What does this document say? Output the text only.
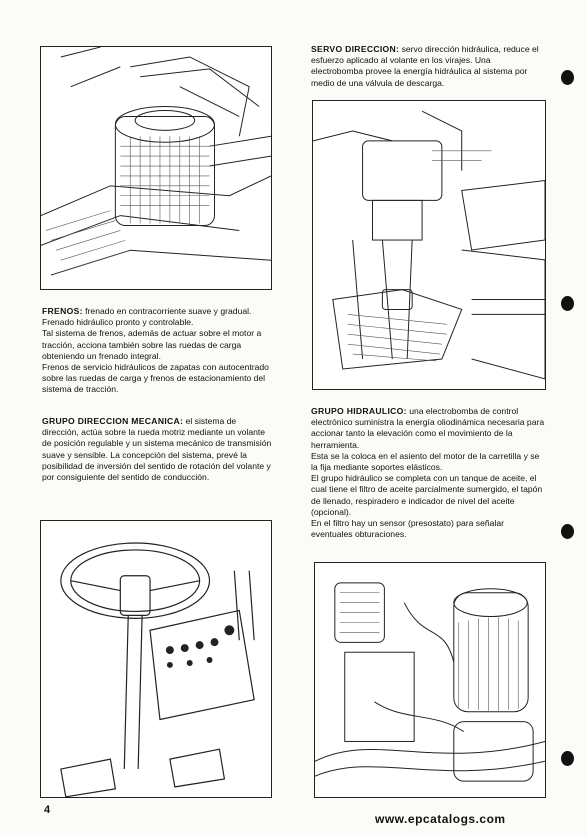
FRENOS: frenado en contracorriente suave y gradual. Frenado hidráulico pronto y controlable.

Tal sistema de frenos, además de actuar sobre el motor a tracción, acciona también sobre las ruedas de carga obteniendo un frenado integral.

Frenos de servicio hidráulicos de zapatas con autocentrado sobre las ruedas de carga y frenos de estacionamiento del sistema de tracción.

GRUPO DIRECCION MECANICA: el sistema de dirección, actúa sobre la rueda motriz mediante un volante de posición regulable y un sistema mecánico de transmisión suave y sensible. La concepción del sistema, prevé la posibilidad de inversión del sentido de rotación del volante y por consiguiente del sentido de conducción.

SERVO DIRECCION: servo dirección hidráulica, reduce el esfuerzo aplicado al volante en los virajes. Una electrobomba provee la energía hidráulica al sistema por medio de una válvula de descarga.

GRUPO HIDRAULICO: una electrobomba de control electrónico suministra la energía oliodinámica necesaria para accionar tanto la elevación como el movimiento de la herramienta.

Esta se la coloca en el asiento del motor de la carretilla y se la fija mediante soportes elásticos.

El grupo hidráulico se completa con un tanque de aceite, el cual tiene el filtro de aceite parcialmente sumergido, el tapón de llenado, respiradero e indicador de nivel del aceite (opcional).

En el filtro hay un sensor (presostato) para señalar eventuales obturaciones.

4
www.epcatalogs.com
